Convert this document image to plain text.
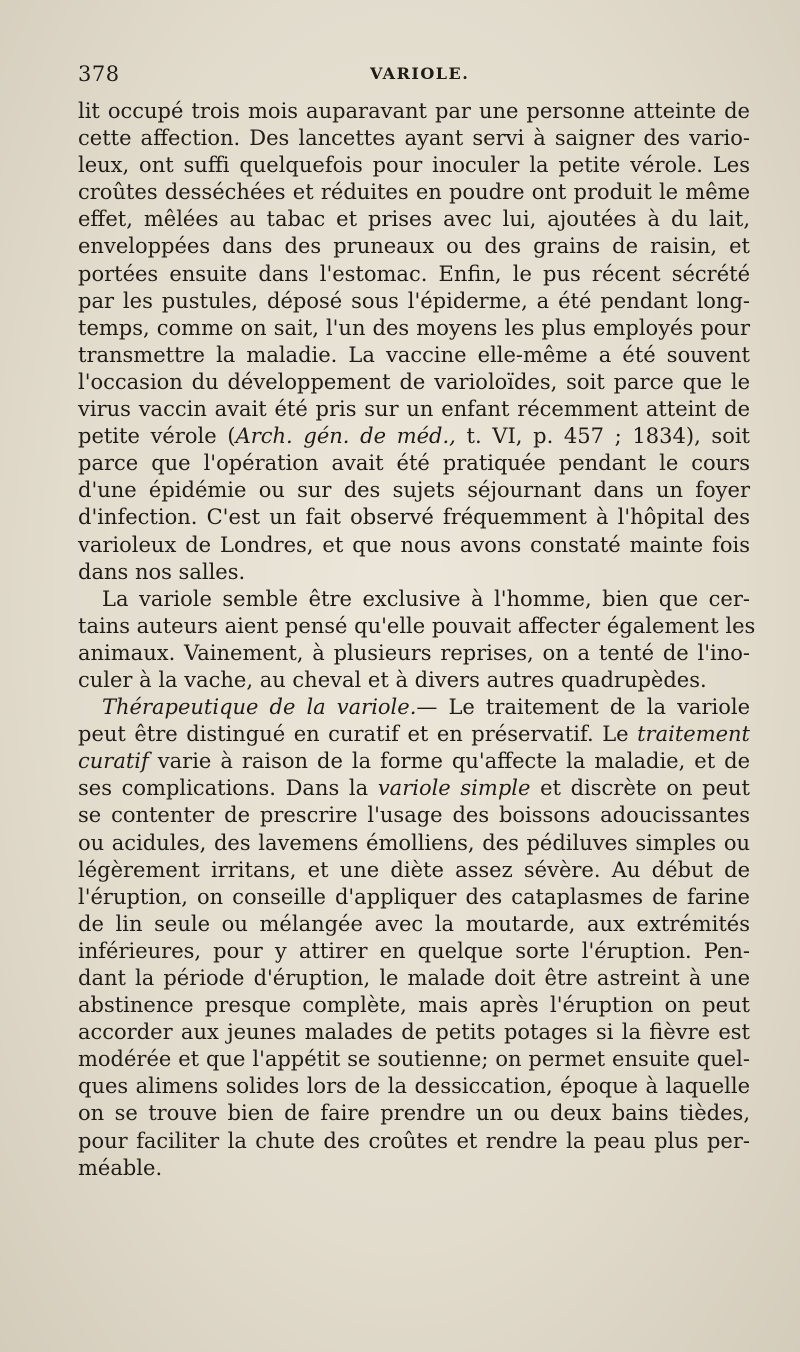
378	VARIOLE.
lit occupé trois mois auparavant par une personne atteinte de
cette affection. Des lancettes ayant servi à saigner des vario-
leux, ont suffi quelquefois pour inoculer la petite vérole. Les
croûtes desséchées et réduites en poudre ont produit le même
effet, mêlées au tabac et prises avec lui, ajoutées à du lait,
enveloppées dans des pruneaux ou des grains de raisin, et
portées ensuite dans l'estomac. Enfin, le pus récent sécrété
par les pustules, déposé sous l'épiderme, a été pendant long-
temps, comme on sait, l'un des moyens les plus employés pour
transmettre la maladie. La vaccine elle-même a été souvent
l'occasion du développement de varioloïdes, soit parce que le
virus vaccin avait été pris sur un enfant récemment atteint de
petite vérole (Arch. gén. de méd., t. VI, p. 457 ; 1834), soit
parce que l'opération avait été pratiquée pendant le cours
d'une épidémie ou sur des sujets séjournant dans un foyer
d'infection. C'est un fait observé fréquemment à l'hôpital des
varioleux de Londres, et que nous avons constaté mainte fois
dans nos salles.
La variole semble être exclusive à l'homme, bien que cer-
tains auteurs aient pensé qu'elle pouvait affecter également les
animaux. Vainement, à plusieurs reprises, on a tenté de l'ino-
culer à la vache, au cheval et à divers autres quadrupèdes.
Thérapeutique de la variole.— Le traitement de la variole
peut être distingué en curatif et en préservatif. Le traitement
curatif varie à raison de la forme qu'affecte la maladie, et de
ses complications. Dans la variole simple et discrète on peut
se contenter de prescrire l'usage des boissons adoucissantes
ou acidules, des lavemens émolliens, des pédiluves simples ou
légèrement irritans, et une diète assez sévère. Au début de
l'éruption, on conseille d'appliquer des cataplasmes de farine
de lin seule ou mélangée avec la moutarde, aux extrémités
inférieures, pour y attirer en quelque sorte l'éruption. Pen-
dant la période d'éruption, le malade doit être astreint à une
abstinence presque complète, mais après l'éruption on peut
accorder aux jeunes malades de petits potages si la fièvre est
modérée et que l'appétit se soutienne; on permet ensuite quel-
ques alimens solides lors de la dessiccation, époque à laquelle
on se trouve bien de faire prendre un ou deux bains tièdes,
pour faciliter la chute des croûtes et rendre la peau plus per-
méable.
